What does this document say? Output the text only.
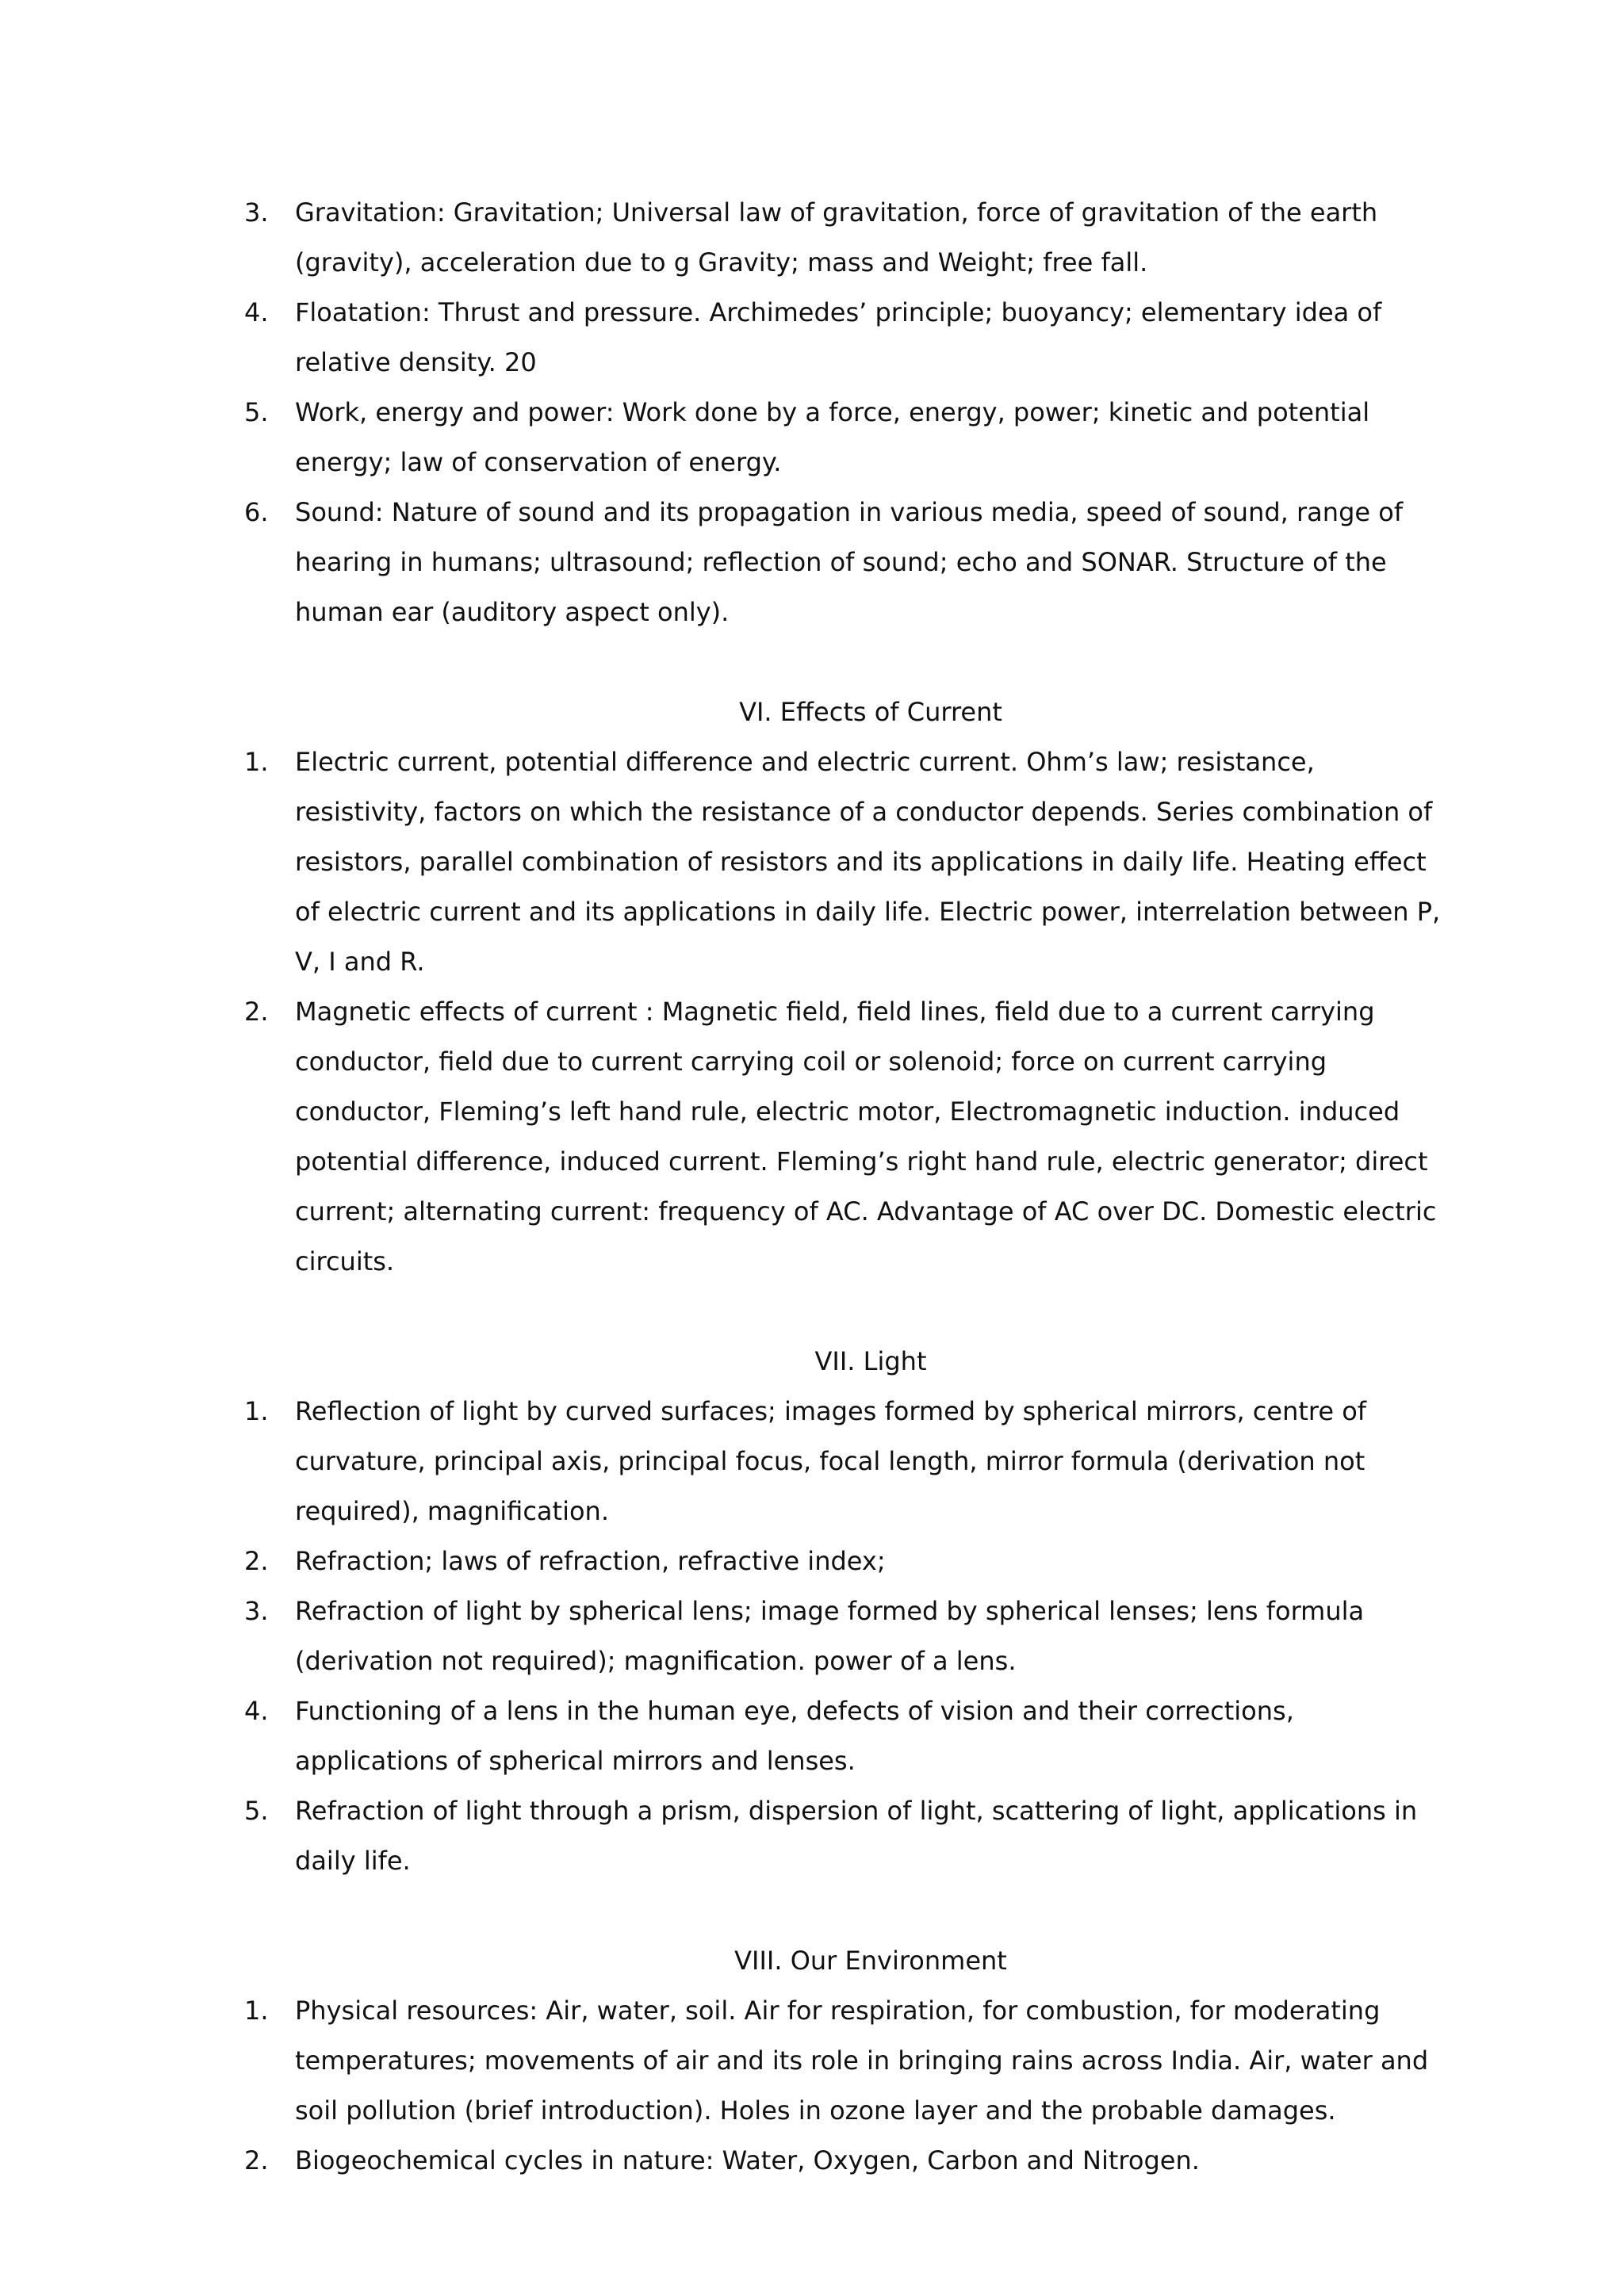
3. Gravitation: Gravitation; Universal law of gravitation, force of gravitation of the earth (gravity), acceleration due to g Gravity; mass and Weight; free fall.
4. Floatation: Thrust and pressure. Archimedes’ principle; buoyancy; elementary idea of relative density. 20
5. Work, energy and power: Work done by a force, energy, power; kinetic and potential energy; law of conservation of energy.
6. Sound: Nature of sound and its propagation in various media, speed of sound, range of hearing in humans; ultrasound; reflection of sound; echo and SONAR. Structure of the human ear (auditory aspect only).
VI. Effects of Current
1. Electric current, potential difference and electric current. Ohm’s law; resistance, resistivity, factors on which the resistance of a conductor depends. Series combination of resistors, parallel combination of resistors and its applications in daily life. Heating effect of electric current and its applications in daily life. Electric power, interrelation between P, V, I and R.
2. Magnetic effects of current : Magnetic field, field lines, field due to a current carrying conductor, field due to current carrying coil or solenoid; force on current carrying conductor, Fleming’s left hand rule, electric motor, Electromagnetic induction. induced potential difference, induced current. Fleming’s right hand rule, electric generator; direct current; alternating current: frequency of AC. Advantage of AC over DC. Domestic electric circuits.
VII. Light
1. Reflection of light by curved surfaces; images formed by spherical mirrors, centre of curvature, principal axis, principal focus, focal length, mirror formula (derivation not required), magnification.
2. Refraction; laws of refraction, refractive index;
3. Refraction of light by spherical lens; image formed by spherical lenses; lens formula (derivation not required); magnification. power of a lens.
4. Functioning of a lens in the human eye, defects of vision and their corrections, applications of spherical mirrors and lenses.
5. Refraction of light through a prism, dispersion of light, scattering of light, applications in daily life.
VIII. Our Environment
1. Physical resources: Air, water, soil. Air for respiration, for combustion, for moderating temperatures; movements of air and its role in bringing rains across India. Air, water and soil pollution (brief introduction). Holes in ozone layer and the probable damages.
2. Biogeochemical cycles in nature: Water, Oxygen, Carbon and Nitrogen.
